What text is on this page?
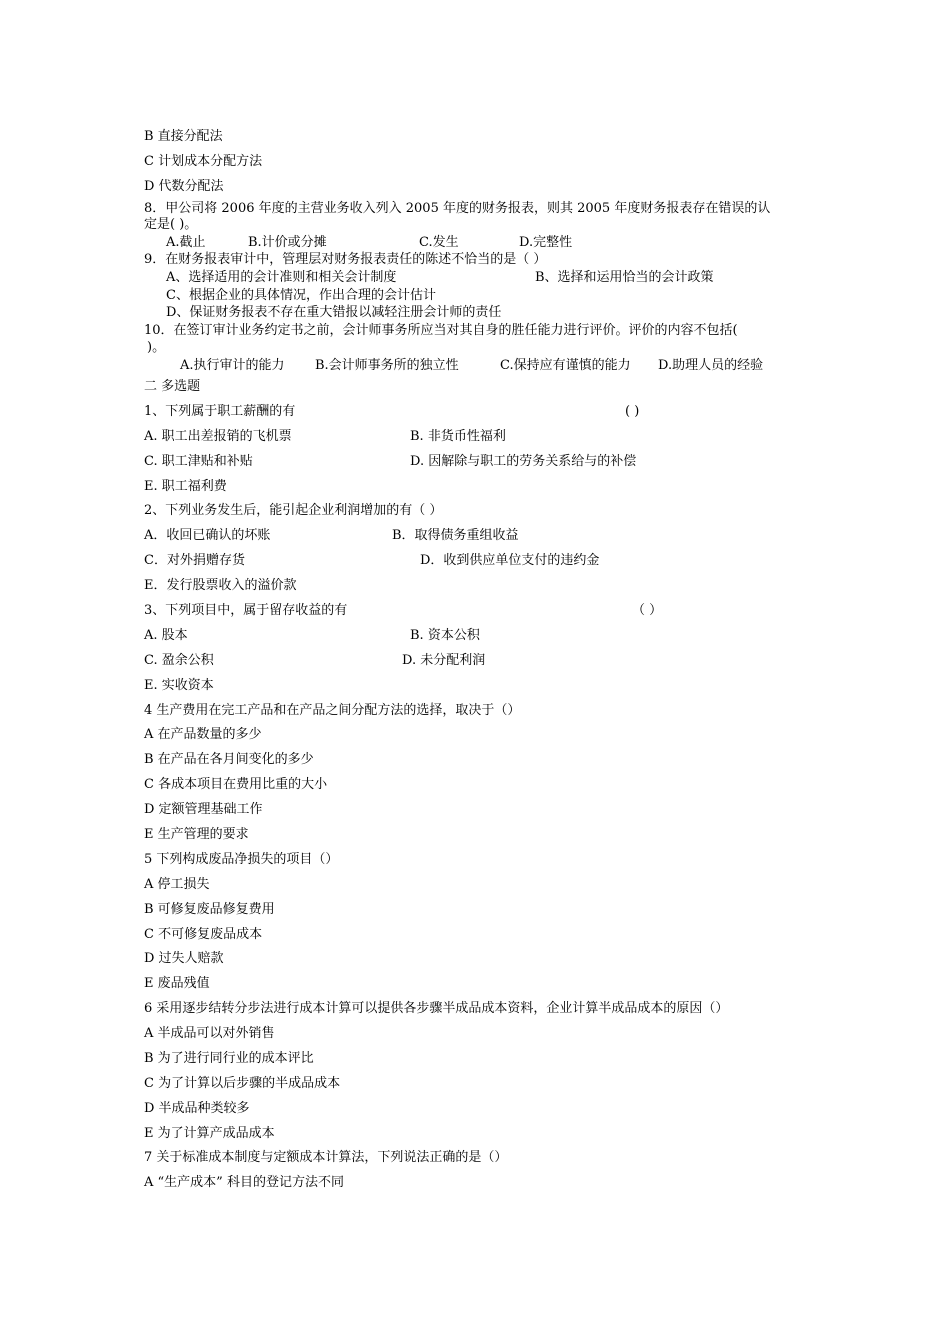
B 直接分配法
C 计划成本分配方法
D 代数分配法
8．甲公司将 2006 年度的主营业务收入列入 2005 年度的财务报表，则其 2005 年度财务报表存在错误的认
定是( )。
A.截止	B.计价或分摊	C.发生	D.完整性
9．在财务报表审计中，管理层对财务报表责任的陈述不恰当的是（ ）
A、选择适用的会计准则和相关会计制度	B、选择和运用恰当的会计政策
C、根据企业的具体情况，作出合理的会计估计
D、保证财务报表不存在重大错报以减轻注册会计师的责任
10．在签订审计业务约定书之前，会计师事务所应当对其自身的胜任能力进行评价。评价的内容不包括(
)。
A.执行审计的能力 B.会计师事务所的独立性	C.保持应有谨慎的能力 D.助理人员的经验
二 多选题
1、下列属于职工薪酬的有	( )
A. 职工出差报销的飞机票	B. 非货币性福利
C. 职工津贴和补贴	D. 因解除与职工的劳务关系给与的补偿
E. 职工福利费
2、下列业务发生后，能引起企业利润增加的有（ ）
A．收回已确认的坏账	B．取得债务重组收益
C．对外捐赠存货	D．收到供应单位支付的违约金
E．发行股票收入的溢价款
3、下列项目中，属于留存收益的有	（ ）
A. 股本	B. 资本公积
C. 盈余公积	D. 未分配利润
E. 实收资本
4 生产费用在完工产品和在产品之间分配方法的选择，取决于（）
A 在产品数量的多少
B 在产品在各月间变化的多少
C 各成本项目在费用比重的大小
D 定额管理基础工作
E 生产管理的要求
5 下列构成废品净损失的项目（）
A 停工损失
B 可修复废品修复费用
C 不可修复废品成本
D 过失人赔款
E 废品残值
6 采用逐步结转分步法进行成本计算可以提供各步骤半成品成本资料，企业计算半成品成本的原因（）
A 半成品可以对外销售
B 为了进行同行业的成本评比
C 为了计算以后步骤的半成品成本
D 半成品种类较多
E 为了计算产成品成本
7 关于标准成本制度与定额成本计算法，下列说法正确的是（）
A “生产成本” 科目的登记方法不同
